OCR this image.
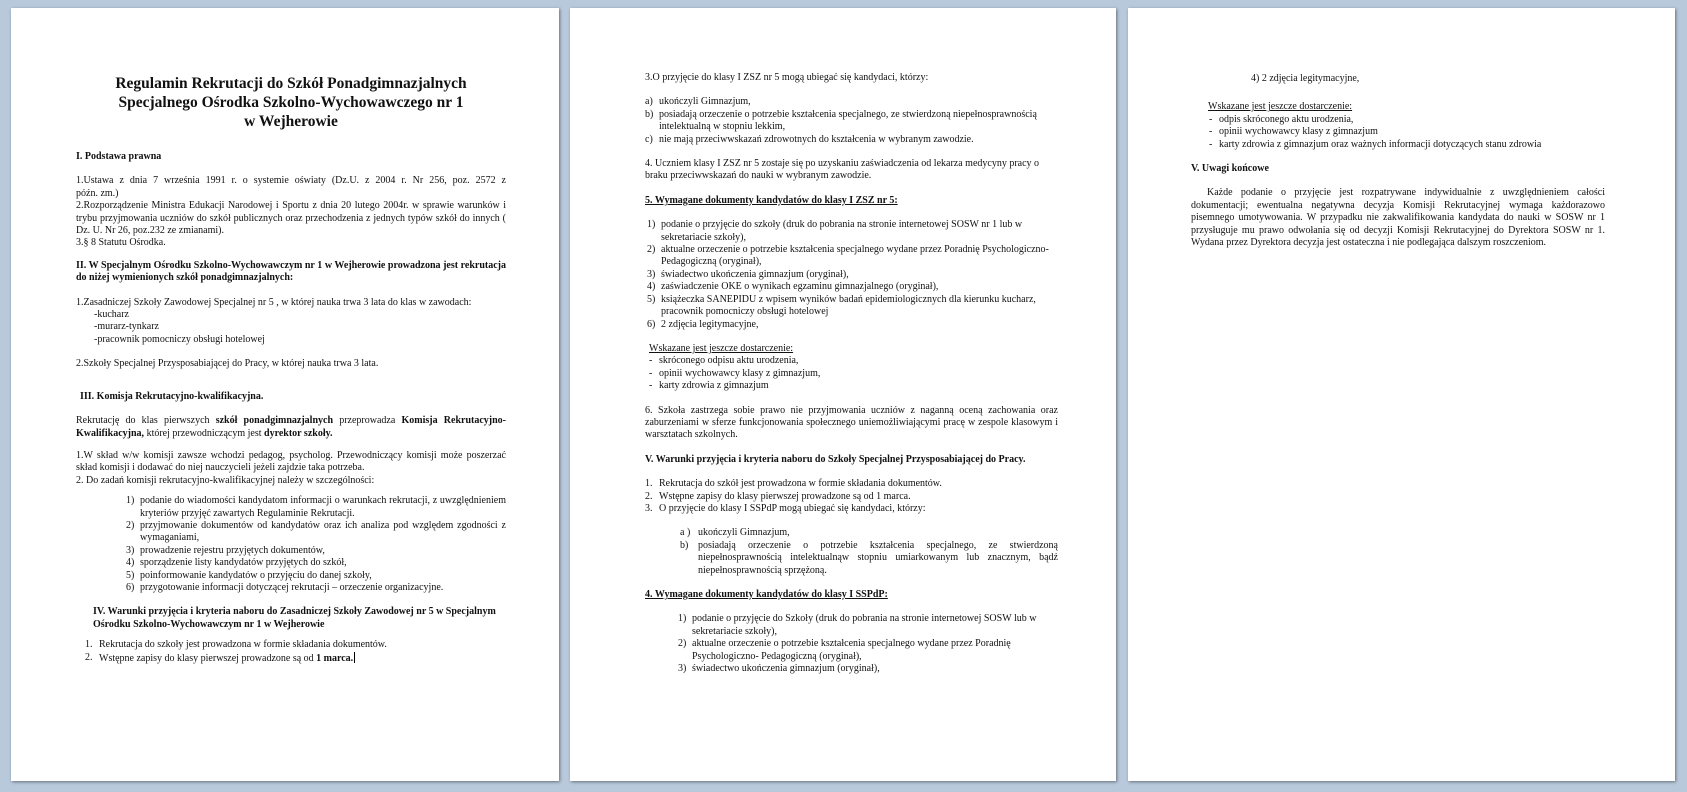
Regulamin Rekrutacji do Szkół Ponadgimnazjalnych
Specjalnego Ośrodka Szkolno-Wychowawczego nr 1
w Wejherowie

I. Podstawa prawna

1.Ustawa z dnia 7 września 1991 r. o systemie oświaty (Dz.U. z 2004 r. Nr 256, poz. 2572 z

późn. zm.)

2.Rozporządzenie Ministra Edukacji Narodowej i Sportu z dnia 20 lutego 2004r. w sprawie warunków i trybu przyjmowania uczniów do szkół publicznych oraz przechodzenia z jednych typów szkół do innych ( Dz. U. Nr 26, poz.232 ze zmianami).

3.§ 8 Statutu Ośrodka.

II. W Specjalnym Ośrodku Szkolno-Wychowawczym nr 1 w Wejherowie prowadzona jest rekrutacja do niżej wymienionych szkół ponadgimnazjalnych:

1.Zasadniczej Szkoły Zawodowej Specjalnej nr 5 , w której nauka trwa 3 lata do klas w zawodach:

-kucharz

-murarz-tynkarz

-pracownik pomocniczy obsługi hotelowej

2.Szkoły Specjalnej Przysposabiającej do Pracy, w której nauka trwa 3 lata.

III. Komisja Rekrutacyjno-kwalifikacyjna.

Rekrutację do klas pierwszych szkół ponadgimnazjalnych przeprowadza Komisja Rekrutacyjno-Kwalifikacyjna, której przewodniczącym jest dyrektor szkoły.

1.W skład w/w komisji zawsze wchodzi pedagog, psycholog. Przewodniczący komisji może poszerzać skład komisji i dodawać do niej nauczycieli jeżeli zajdzie taka potrzeba.

2. Do zadań komisji rekrutacyjno-kwalifikacyjnej należy w szczególności:

1) podanie do wiadomości kandydatom informacji o warunkach rekrutacji, z uwzględnieniem kryteriów przyjęć zawartych Regulaminie Rekrutacji.
2) przyjmowanie dokumentów od kandydatów oraz ich analiza pod względem zgodności z wymaganiami,
3) prowadzenie rejestru przyjętych dokumentów,
4) sporządzenie listy kandydatów przyjętych do szkół,
5) poinformowanie kandydatów o przyjęciu do danej szkoły,
6) przygotowanie informacji dotyczącej rekrutacji – orzeczenie organizacyjne.

IV. Warunki przyjęcia i kryteria naboru do Zasadniczej Szkoły Zawodowej nr 5 w Specjalnym Ośrodku Szkolno-Wychowawczym nr 1 w Wejherowie

1. Rekrutacja do szkoły jest prowadzona w formie składania dokumentów.
2. Wstępne zapisy do klasy pierwszej prowadzone są od 1 marca.

3.O przyjęcie do klasy I ZSZ nr 5 mogą ubiegać się kandydaci, którzy:

a) ukończyli Gimnazjum,
b) posiadają orzeczenie o potrzebie kształcenia specjalnego, ze stwierdzoną niepełnosprawnością intelektualną w stopniu lekkim,
c) nie mają przeciwwskazań zdrowotnych do kształcenia w wybranym zawodzie.

4. Uczniem klasy I ZSZ nr 5 zostaje się po uzyskaniu zaświadczenia od lekarza medycyny pracy o braku przeciwwskazań do nauki w wybranym zawodzie.

5. Wymagane dokumenty kandydatów do klasy I ZSZ nr 5:

1) podanie o przyjęcie do szkoły (druk do pobrania na stronie internetowej SOSW nr 1 lub w sekretariacie szkoły),
2) aktualne orzeczenie o potrzebie kształcenia specjalnego wydane przez Poradnię Psychologiczno- Pedagogiczną (oryginał),
3) świadectwo ukończenia gimnazjum (oryginał),
4) zaświadczenie OKE o wynikach egzaminu gimnazjalnego (oryginał),
5) książeczka SANEPIDU z wpisem wyników badań epidemiologicznych dla kierunku kucharz, pracownik pomocniczy obsługi hotelowej
6) 2 zdjęcia legitymacyjne,

Wskazane jest jeszcze dostarczenie:

- skróconego odpisu aktu urodzenia,
- opinii wychowawcy klasy z gimnazjum,
- karty zdrowia z gimnazjum

6. Szkoła zastrzega sobie prawo nie przyjmowania uczniów z naganną oceną zachowania oraz zaburzeniami w sferze funkcjonowania społecznego uniemożliwiającymi pracę w zespole klasowym i warsztatach szkolnych.

V. Warunki przyjęcia i kryteria naboru do Szkoły Specjalnej Przysposabiającej do Pracy.

1. Rekrutacja do szkół jest prowadzona w formie składania dokumentów.
2. Wstępne zapisy do klasy pierwszej prowadzone są od 1 marca.
3. O przyjęcie do klasy I SSPdP mogą ubiegać się kandydaci, którzy:
a ) ukończyli Gimnazjum,
b) posiadają orzeczenie o potrzebie kształcenia specjalnego, ze stwierdzoną niepełnosprawnością intelektualnąw stopniu umiarkowanym lub znacznym, bądź niepełnosprawnością sprzężoną.

4. Wymagane dokumenty kandydatów do klasy I SSPdP:

1) podanie o przyjęcie do Szkoły (druk do pobrania na stronie internetowej SOSW lub w sekretariacie szkoły),
2) aktualne orzeczenie o potrzebie kształcenia specjalnego wydane przez Poradnię Psychologiczno- Pedagogiczną (oryginał),
3) świadectwo ukończenia gimnazjum (oryginał),

4) 2 zdjęcia legitymacyjne,

Wskazane jest jeszcze dostarczenie:

- odpis skróconego aktu urodzenia,
- opinii wychowawcy klasy z gimnazjum
- karty zdrowia z gimnazjum oraz ważnych informacji dotyczących stanu zdrowia

V. Uwagi końcowe

Każde podanie o przyjęcie jest rozpatrywane indywidualnie z uwzględnieniem całości dokumentacji; ewentualna negatywna decyzja Komisji Rekrutacyjnej wymaga każdorazowo pisemnego umotywowania. W przypadku nie zakwalifikowania kandydata do nauki w SOSW nr 1 przysługuje mu prawo odwołania się od decyzji Komisji Rekrutacyjnej do Dyrektora SOSW nr 1. Wydana przez Dyrektora decyzja jest ostateczna i nie podlegająca dalszym roszczeniom.
